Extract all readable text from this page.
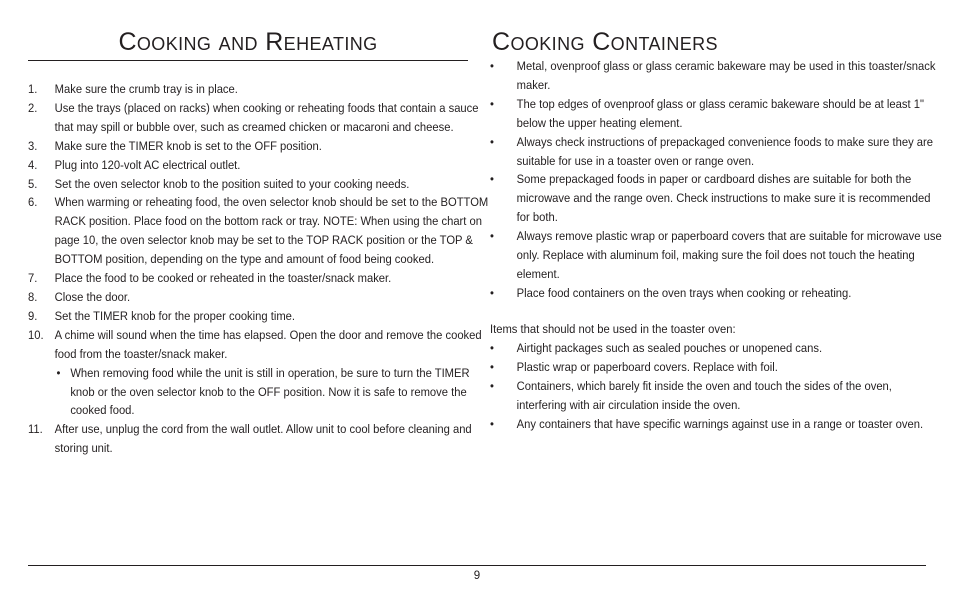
Cooking and Reheating
1. Make sure the crumb tray is in place.
2. Use the trays (placed on racks) when cooking or reheating foods that contain a sauce that may spill or bubble over, such as creamed chicken or macaroni and cheese.
3. Make sure the TIMER knob is set to the OFF position.
4. Plug into 120-volt AC electrical outlet.
5. Set the oven selector knob to the position suited to your cooking needs.
6. When warming or reheating food, the oven selector knob should be set to the BOTTOM RACK position. Place food on the bottom rack or tray. NOTE: When using the chart on page 10, the oven selector knob may be set to the TOP RACK position or the TOP & BOTTOM position, depending on the type and amount of food being cooked.
7. Place the food to be cooked or reheated in the toaster/snack maker.
8. Close the door.
9. Set the TIMER knob for the proper cooking time.
10. A chime will sound when the time has elapsed. Open the door and remove the cooked food from the toaster/snack maker.
• When removing food while the unit is still in operation, be sure to turn the TIMER knob or the oven selector knob to the OFF position. Now it is safe to remove the cooked food.
11. After use, unplug the cord from the wall outlet. Allow unit to cool before cleaning and storing unit.
Cooking Containers
• Metal, ovenproof glass or glass ceramic bakeware may be used in this toaster/snack maker.
• The top edges of ovenproof glass or glass ceramic bakeware should be at least 1" below the upper heating element.
• Always check instructions of prepackaged convenience foods to make sure they are suitable for use in a toaster oven or range oven.
• Some prepackaged foods in paper or cardboard dishes are suitable for both the microwave and the range oven. Check instructions to make sure it is recommended for both.
• Always remove plastic wrap or paperboard covers that are suitable for microwave use only. Replace with aluminum foil, making sure the foil does not touch the heating element.
• Place food containers on the oven trays when cooking or reheating.

Items that should not be used in the toaster oven:

• Airtight packages such as sealed pouches or unopened cans.
• Plastic wrap or paperboard covers. Replace with foil.
• Containers, which barely fit inside the oven and touch the sides of the oven, interfering with air circulation inside the oven.
• Any containers that have specific warnings against use in a range or toaster oven.
9
